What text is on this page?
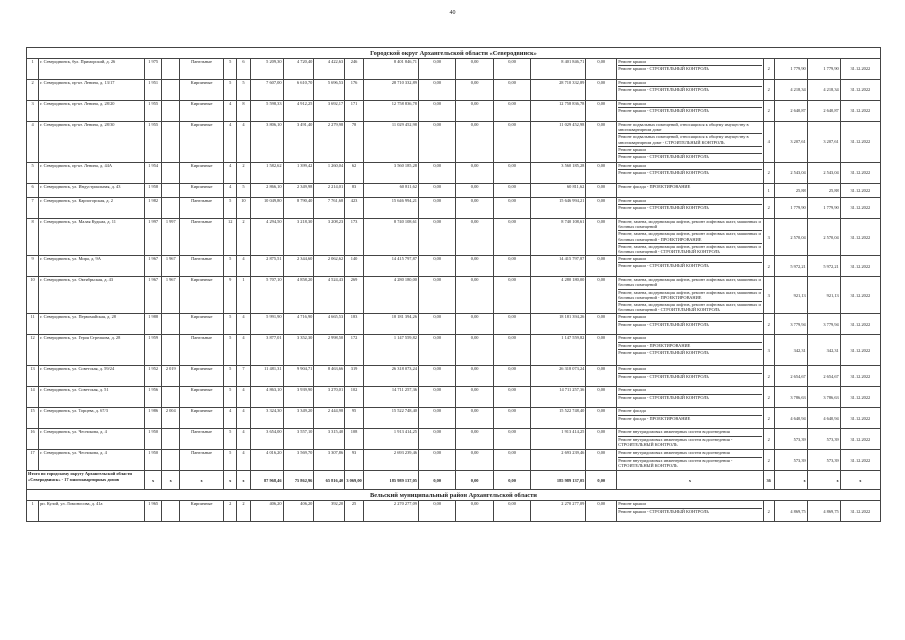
40
Городской округ Архангельской области «Северодвинск»																					
1	г. Северодвинск, бул. Приморский, д. 26	1 975		Панельные	5	6	5 209,30	4 720,40	4 422,63	246	8 401 846,71	0,00	0,00	0,00	8 401 846,71	0,00	Ремонт крыши
Ремонт крыши - СТРОИТЕЛЬНЫЙ КОНТРОЛЬ	2	1 779,90	1 779,90	31.12.2022
2	г. Северодвинск, пр-кт. Ленина, д. 13/17	1 951		Кирпичные	5	5	7 607,00	6 610,70	5 696,53	176	28 710 332,89	0,00	0,00	0,00	28 710 332,89	0,00	Ремонт крыши
Ремонт крыши - СТРОИТЕЛЬНЫЙ КОНТРОЛЬ	2	4 218,34	4 218,34	31.12.2022
3	г. Северодвинск, пр-кт. Ленина, д. 28/20	1 955		Кирпичные	4	8	5 598,33	4 912,25	3 692,17	171	12 758 836,78	0,00	0,00	0,00	12 758 836,78	0,00	Ремонт крыши
Ремонт крыши - СТРОИТЕЛЬНЫЙ КОНТРОЛЬ	2	2 640,87	2 640,87	31.12.2022
4	г. Северодвинск, пр-кт. Ленина, д. 28/30	1 955		Кирпичные	4	4	3 806,10	3 491,40	2 279,98	78	11 029 452,98	0,00	0,00	0,00	11 029 452,98	0,00	Ремонт подвальных помещений, относящихся к общему имуществу в многоквартирном доме
Ремонт подвальных помещений, относящихся к общему имуществу в многоквартирном доме - СТРОИТЕЛЬНЫЙ КОНТРОЛЬ
Ремонт крыши
Ремонт крыши - СТРОИТЕЛЬНЫЙ КОНТРОЛЬ	4	3 207,61	3 207,61	31.12.2022
5	г. Северодвинск, пр-кт. Ленина, д. 44А	1 954		Кирпичные	4	2	1 582,62	1 399,42	1 260,04	62	3 560 185,28	0,00	0,00	0,00	3 560 185,28	0,00	Ремонт крыши
Ремонт крыши - СТРОИТЕЛЬНЫЙ КОНТРОЛЬ	2	2 543,04	2 543,04	31.12.2022
6	г. Северодвинск, ул. Индустриальная, д. 43	1 958		Кирпичные	4	5	2 866,10	2 349,98	2 214,01	83	60 811,62	0,00	0,00	0,00	60 811,62	0,00	Ремонт фасада - ПРОЕКТИРОВАНИЕ	1	25,88	25,88	31.12.2022
7	г. Северодвинск, ул. Карпогорская, д. 2	1 982		Панельные	5	10	10 049,80	8 790,40	7 761,68	423	15 646 994,21	0,00	0,00	0,00	15 646 994,21	0,00	Ремонт крыши
Ремонт крыши - СТРОИТЕЛЬНЫЙ КОНТРОЛЬ	2	1 779,90	1 779,90	31.12.2022
8	г. Северодвинск, ул. Малая Кудьма, д. 11	1 997	1 997	Панельные	12	2	4 294,50	3 218,30	3 208,23	173	8 740 108,61	0,00	0,00	0,00	8 740 108,61	0,00	Ремонт, замена, модернизация лифтов, ремонт лифтовых шахт, машинных и блочных помещений
Ремонт, замена, модернизация лифтов, ремонт лифтовых шахт, машинных и блочных помещений - ПРОЕКТИРОВАНИЕ
Ремонт, замена, модернизация лифтов, ремонт лифтовых шахт, машинных и блочных помещений - СТРОИТЕЛЬНЫЙ КОНТРОЛЬ	3	2 570,04	2 570,04	31.12.2022
9	г. Северодвинск, ул. Мира, д. 9А	1 967	1 967	Панельные	5	4	2 875,51	2 344,60	2 062,62	140	14 415 797,87	0,00	0,00	0,00	14 415 797,87	0,00	Ремонт крыши
Ремонт крыши - СТРОИТЕЛЬНЫЙ КОНТРОЛЬ	2	5 972,21	5 972,21	31.12.2022
10	г. Северодвинск, ул. Октябрьская, д. 43	1 967	1 967	Кирпичные	9	1	5 707,10	4 858,20	4 524,43	269	4 280 180,00	0,00	0,00	0,00	4 280 180,00	0,00	Ремонт, замена, модернизация лифтов, ремонт лифтовых шахт, машинных и блочных помещений
Ремонт, замена, модернизация лифтов, ремонт лифтовых шахт, машинных и блочных помещений - ПРОЕКТИРОВАНИЕ
Ремонт, замена, модернизация лифтов, ремонт лифтовых шахт, машинных и блочных помещений - СТРОИТЕЛЬНЫЙ КОНТРОЛЬ	3	921,13	921,13	31.12.2022
11	г. Северодвинск, ул. Первомайская, д. 28	1 988		Кирпичные	5	4	5 991,90	4 716,90	4 665,53	183	18 181 394,26	0,00	0,00	0,00	18 181 394,26	0,00	Ремонт крыши
Ремонт крыши - СТРОИТЕЛЬНЫЙ КОНТРОЛЬ	2	3 779,94	3 779,94	31.12.2022
12	г. Северодвинск, ул. Героя Стрелкова, д. 28	1 959		Панельные	5	4	3 877,01	3 352,30	2 998,50	172	1 147 559,82	0,00	0,00	0,00	1 147 559,82	0,00	Ремонт крыши
Ремонт крыши - ПРОЕКТИРОВАНИЕ
Ремонт крыши - СТРОИТЕЛЬНЫЙ КОНТРОЛЬ	3	342,31	342,31	31.12.2022
13	г. Северодвинск, ул. Советская, д. 59/24	1 952	2 019	Кирпичные	5	7	11 481,31	9 904,71	8 463,66	319	26 318 073,24	0,00	0,00	0,00	26 318 073,24	0,00	Ремонт крыши
Ремонт крыши - СТРОИТЕЛЬНЫЙ КОНТРОЛЬ	2	2 654,67	2 654,67	31.12.2022
14	г. Северодвинск, ул. Советская, д. 51	1 956		Кирпичные	5	4	4 863,10	3 939,90	3 270,01	102	14 711 257,36	0,00	0,00	0,00	14 711 257,36	0,00	Ремонт крыши
Ремонт крыши - СТРОИТЕЛЬНЫЙ КОНТРОЛЬ	2	3 786,63	3 786,63	31.12.2022
15	г. Северодвинск, ул. Торцева, д. 67/3	1 986	2 004	Кирпичные	4	4	3 324,30	3 349,20	2 444,98	95	15 522 748,40	0,00	0,00	0,00	15 522 748,40	0,00	Ремонт фасада
Ремонт фасада - ПРОЕКТИРОВАНИЕ	2	4 640,94	4 640,94	31.12.2022
16	г. Северодвинск, ул. Чеснокова, д. 4	1 950		Панельные	5	4	3 654,00	3 557,10	3 315,40	108	1 913 414,25	0,00	0,00	0,00	1 913 414,25	0,00	Ремонт внутридомовых инженерных систем водоотведения
Ремонт внутридомовых инженерных систем водоотведения - СТРОИТЕЛЬНЫЙ КОНТРОЛЬ	2	573,39	573,39	31.12.2022
17	г. Северодвинск, ул. Чеснокова, д. 4	1 950		Панельные	5	4	4 016,20	3 569,70	3 307,86	93	2 693 239,46	0,00	0,00	0,00	2 693 239,46	0,00	Ремонт внутридомовых инженерных систем водоотведения
Ремонт внутридомовых инженерных систем водоотведения - СТРОИТЕЛЬНЫЙ КОНТРОЛЬ	2	573,39	573,39	31.12.2022
Итого по городскому округу Архангельской области «Северодвинск» - 17 многоквартирных домов		x	x	x	x	x	87 968,46	75 862,96	65 816,40	3 069,00	185 989 137,05	0,00	0,00	0,00	185 989 137,05	0,00	x	36	x	x	x
Вельский муниципальный район Архангельской области																					
1	рп. Кулой, ул. Ломоносова, д. 41а	1 965		Кирпичные	2	2	406,20	406,20	392,20	25	2 270 277,09	0,00	0,00	0,00	2 270 277,09	0,00	Ремонт крыши
Ремонт крыши - СТРОИТЕЛЬНЫЙ КОНТРОЛЬ	2	4 869,75	4 869,75	31.12.2022
